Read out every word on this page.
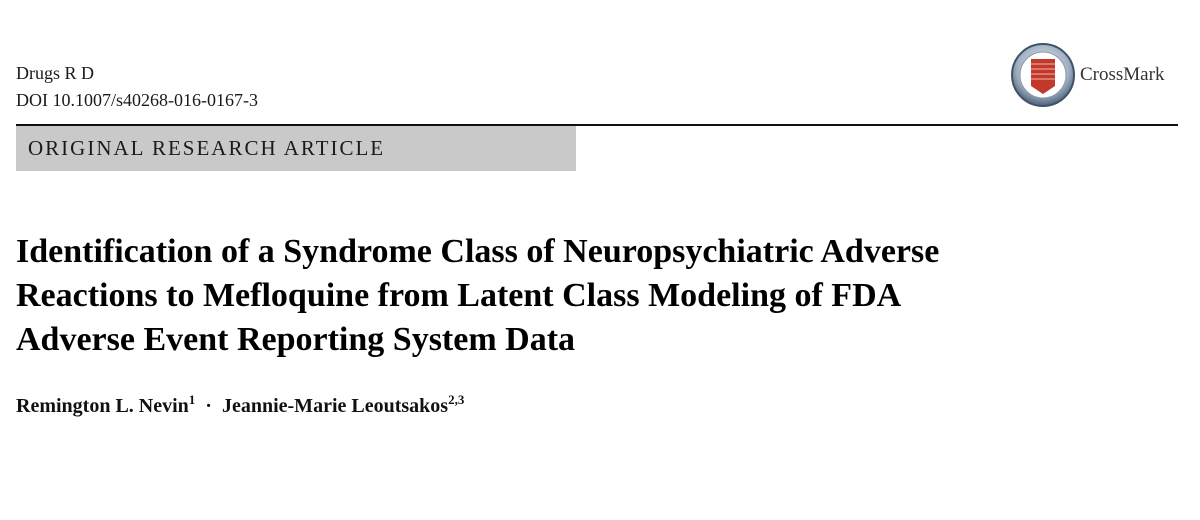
Drugs R D
DOI 10.1007/s40268-016-0167-3
CrossMark
ORIGINAL RESEARCH ARTICLE
Identification of a Syndrome Class of Neuropsychiatric Adverse
Reactions to Mefloquine from Latent Class Modeling of FDA
Adverse Event Reporting System Data
Remington L. Nevin$^1$ · Jeannie-Marie Leoutsakos$^{2,3}$
